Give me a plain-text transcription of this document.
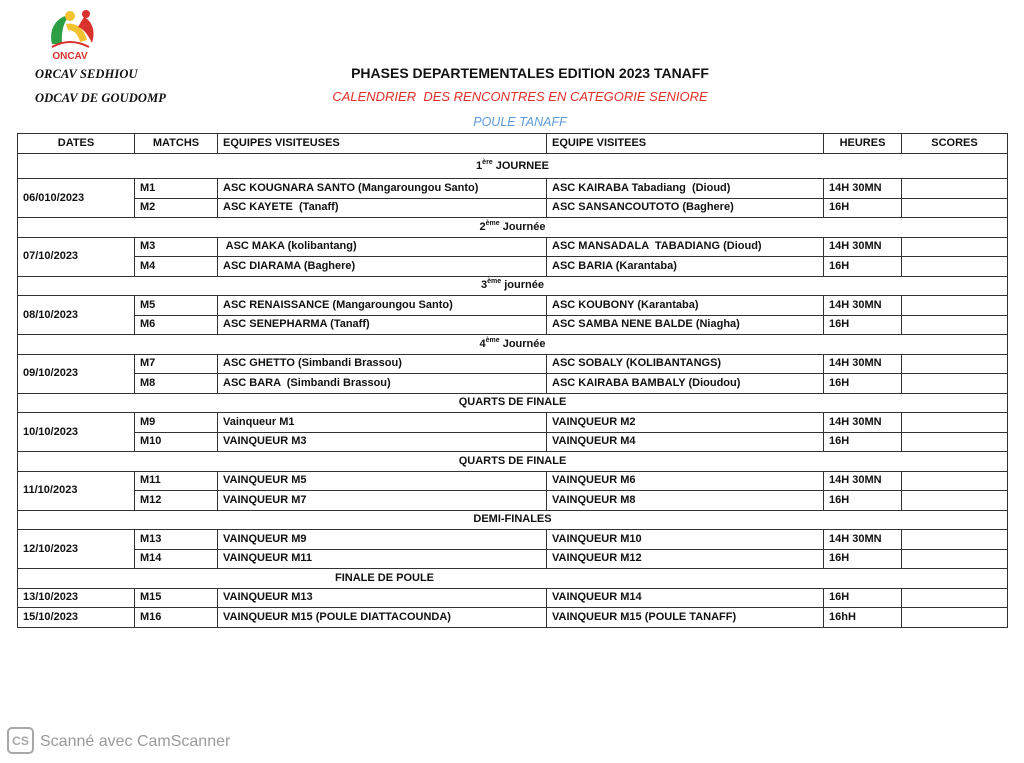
ONCAV
ORCAV SEDHIOU
ODCAV DE GOUDOMP
PHASES DEPARTEMENTALES EDITION 2023 TANAFF
CALENDRIER  DES RENCONTRES EN CATEGORIE SENIORE
POULE TANAFF
DATES	MATCHS	EQUIPES VISITEUSES	EQUIPE VISITEES	HEURES	SCORES
1ère JOURNEE					
06/010/2023	M1	ASC KOUGNARA SANTO (Mangaroungou Santo)	ASC KAIRABA Tabadiang  (Dioud)	14H 30MN	
	M2	ASC KAYETE  (Tanaff)	ASC SANSANCOUTOTO (Baghere)	16H	
2ème Journée					
07/10/2023	M3	ASC MAKA (kolibantang)	ASC MANSADALA  TABADIANG (Dioud)	14H 30MN	
	M4	ASC DIARAMA (Baghere)	ASC BARIA (Karantaba)	16H	
3ème journée					
08/10/2023	M5	ASC RENAISSANCE (Mangaroungou Santo)	ASC KOUBONY (Karantaba)	14H 30MN	
	M6	ASC SENEPHARMA (Tanaff)	ASC SAMBA NENE BALDE (Niagha)	16H	
4ème Journée					
09/10/2023	M7	ASC GHETTO (Simbandi Brassou)	ASC SOBALY (KOLIBANTANGS)	14H 30MN	
	M8	ASC BARA  (Simbandi Brassou)	ASC KAIRABA BAMBALY (Dioudou)	16H	
QUARTS DE FINALE					
10/10/2023	M9	Vainqueur M1	VAINQUEUR M2	14H 30MN	
	M10	VAINQUEUR M3	VAINQUEUR M4	16H	
QUARTS DE FINALE					
11/10/2023	M11	VAINQUEUR M5	VAINQUEUR M6	14H 30MN	
	M12	VAINQUEUR M7	VAINQUEUR M8	16H	
DEMI-FINALES					
12/10/2023	M13	VAINQUEUR M9	VAINQUEUR M10	14H 30MN	
	M14	VAINQUEUR M11	VAINQUEUR M12	16H	
FINALE DE POULE					
13/10/2023	M15	VAINQUEUR M13	VAINQUEUR M14	16H	
15/10/2023	M16	VAINQUEUR M15 (POULE DIATTACOUNDA)	VAINQUEUR M15 (POULE TANAFF)	16hH	
CS Scanné avec CamScanner
